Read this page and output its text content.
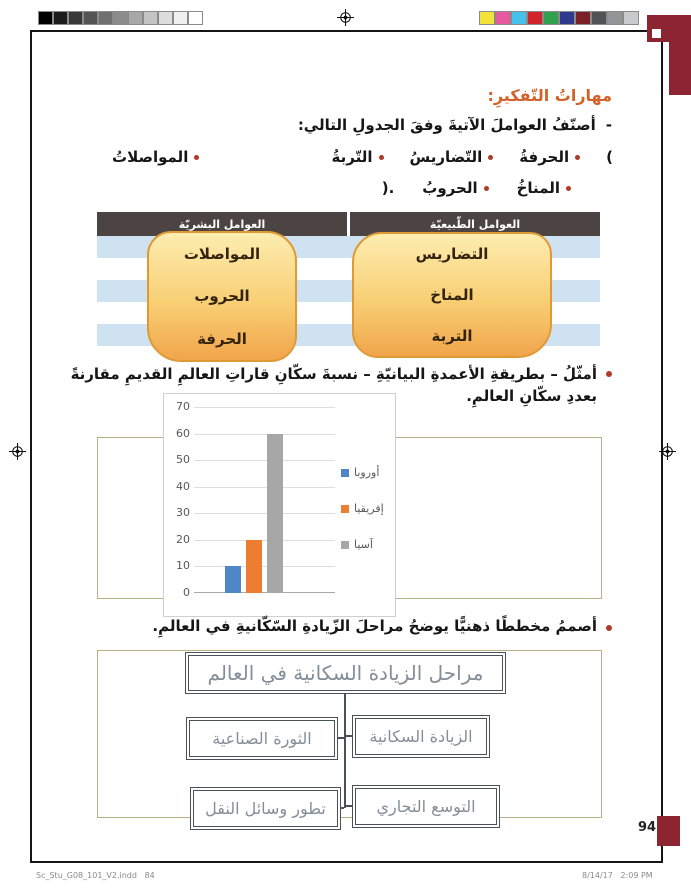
مهاراتُ التّفكيرِ:
-
أصنّفُ العواملَ الآتيةَ وفقَ الجدولِ التالي:
(
الحرفةُ
التّضاريسُ
التّربةُ
المواصلاتُ
المناخُ
الحروبُ
).
العوامل الطّبيعيّة
العوامل البشريّة
التضاريس
المناخ
التربة
المواصلات
الحروب
الحرفة
أمثّلُ – بطريقةِ الأعمدةِ البيانيّةِ – نسبةَ سكّانِ قاراتِ العالمِ القديمِ مقارنةً
بعددِ سكّانِ العالمِ.
0
10
20
30
40
50
60
70
أوروبا
إفريقيا
آسيا
أصممُ مخططًا ذهنيًّا يوضحُ مراحلَ الزّيادةِ السّكّانيةِ في العالمِ.
مراحل الزيادة السكانية في العالم
الزيادة السكانية
الثورة الصناعية
التوسع التجاري
تطور وسائل النقل
94
Sc_Stu_G08_101_V2.indd   84	8/14/17   2:09 PM
